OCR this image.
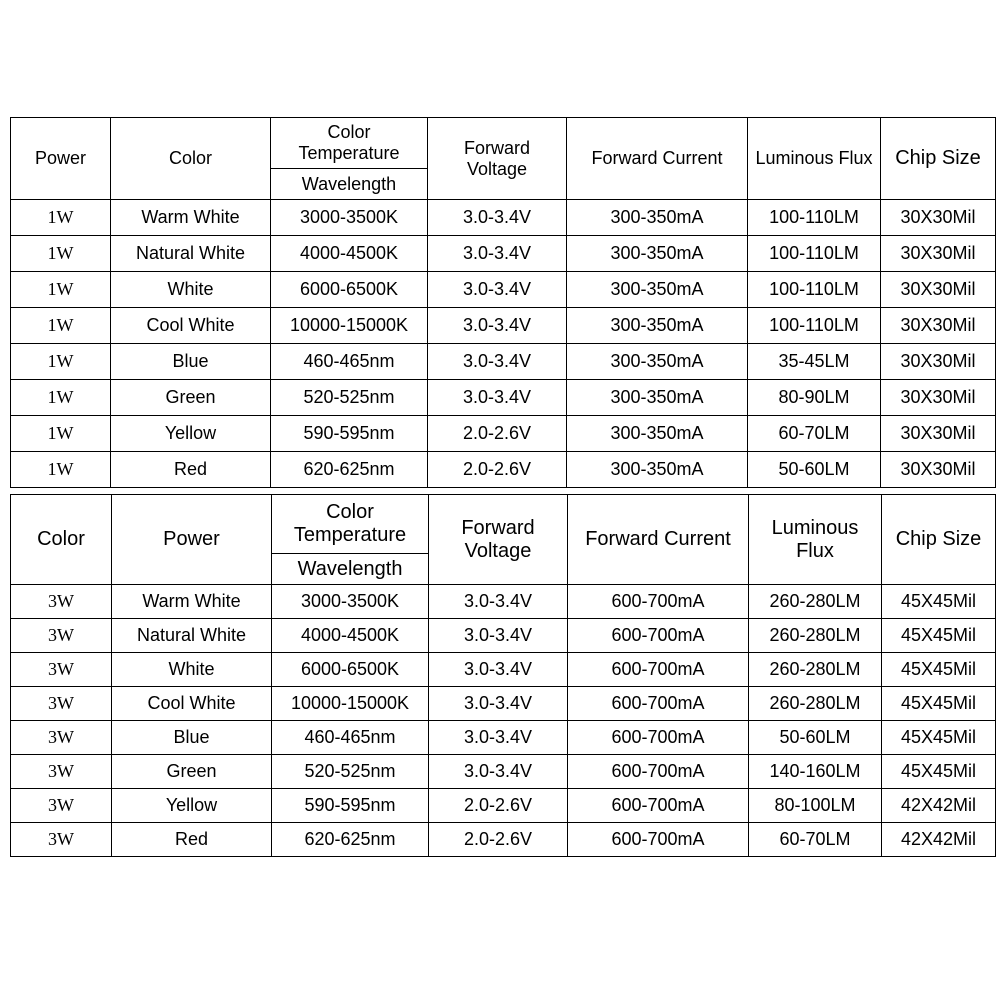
Power	Color	Color Temperature	Forward Voltage	Forward Current	Luminous Flux	Chip Size
		Wavelength				
1W	Warm White	3000-3500K	3.0-3.4V	300-350mA	100-110LM	30X30Mil
1W	Natural White	4000-4500K	3.0-3.4V	300-350mA	100-110LM	30X30Mil
1W	White	6000-6500K	3.0-3.4V	300-350mA	100-110LM	30X30Mil
1W	Cool White	10000-15000K	3.0-3.4V	300-350mA	100-110LM	30X30Mil
1W	Blue	460-465nm	3.0-3.4V	300-350mA	35-45LM	30X30Mil
1W	Green	520-525nm	3.0-3.4V	300-350mA	80-90LM	30X30Mil
1W	Yellow	590-595nm	2.0-2.6V	300-350mA	60-70LM	30X30Mil
1W	Red	620-625nm	2.0-2.6V	300-350mA	50-60LM	30X30Mil
Color	Power	Color Temperature	Forward Voltage	Forward Current	Luminous Flux	Chip Size
		Wavelength				
3W	Warm White	3000-3500K	3.0-3.4V	600-700mA	260-280LM	45X45Mil
3W	Natural White	4000-4500K	3.0-3.4V	600-700mA	260-280LM	45X45Mil
3W	White	6000-6500K	3.0-3.4V	600-700mA	260-280LM	45X45Mil
3W	Cool White	10000-15000K	3.0-3.4V	600-700mA	260-280LM	45X45Mil
3W	Blue	460-465nm	3.0-3.4V	600-700mA	50-60LM	45X45Mil
3W	Green	520-525nm	3.0-3.4V	600-700mA	140-160LM	45X45Mil
3W	Yellow	590-595nm	2.0-2.6V	600-700mA	80-100LM	42X42Mil
3W	Red	620-625nm	2.0-2.6V	600-700mA	60-70LM	42X42Mil
